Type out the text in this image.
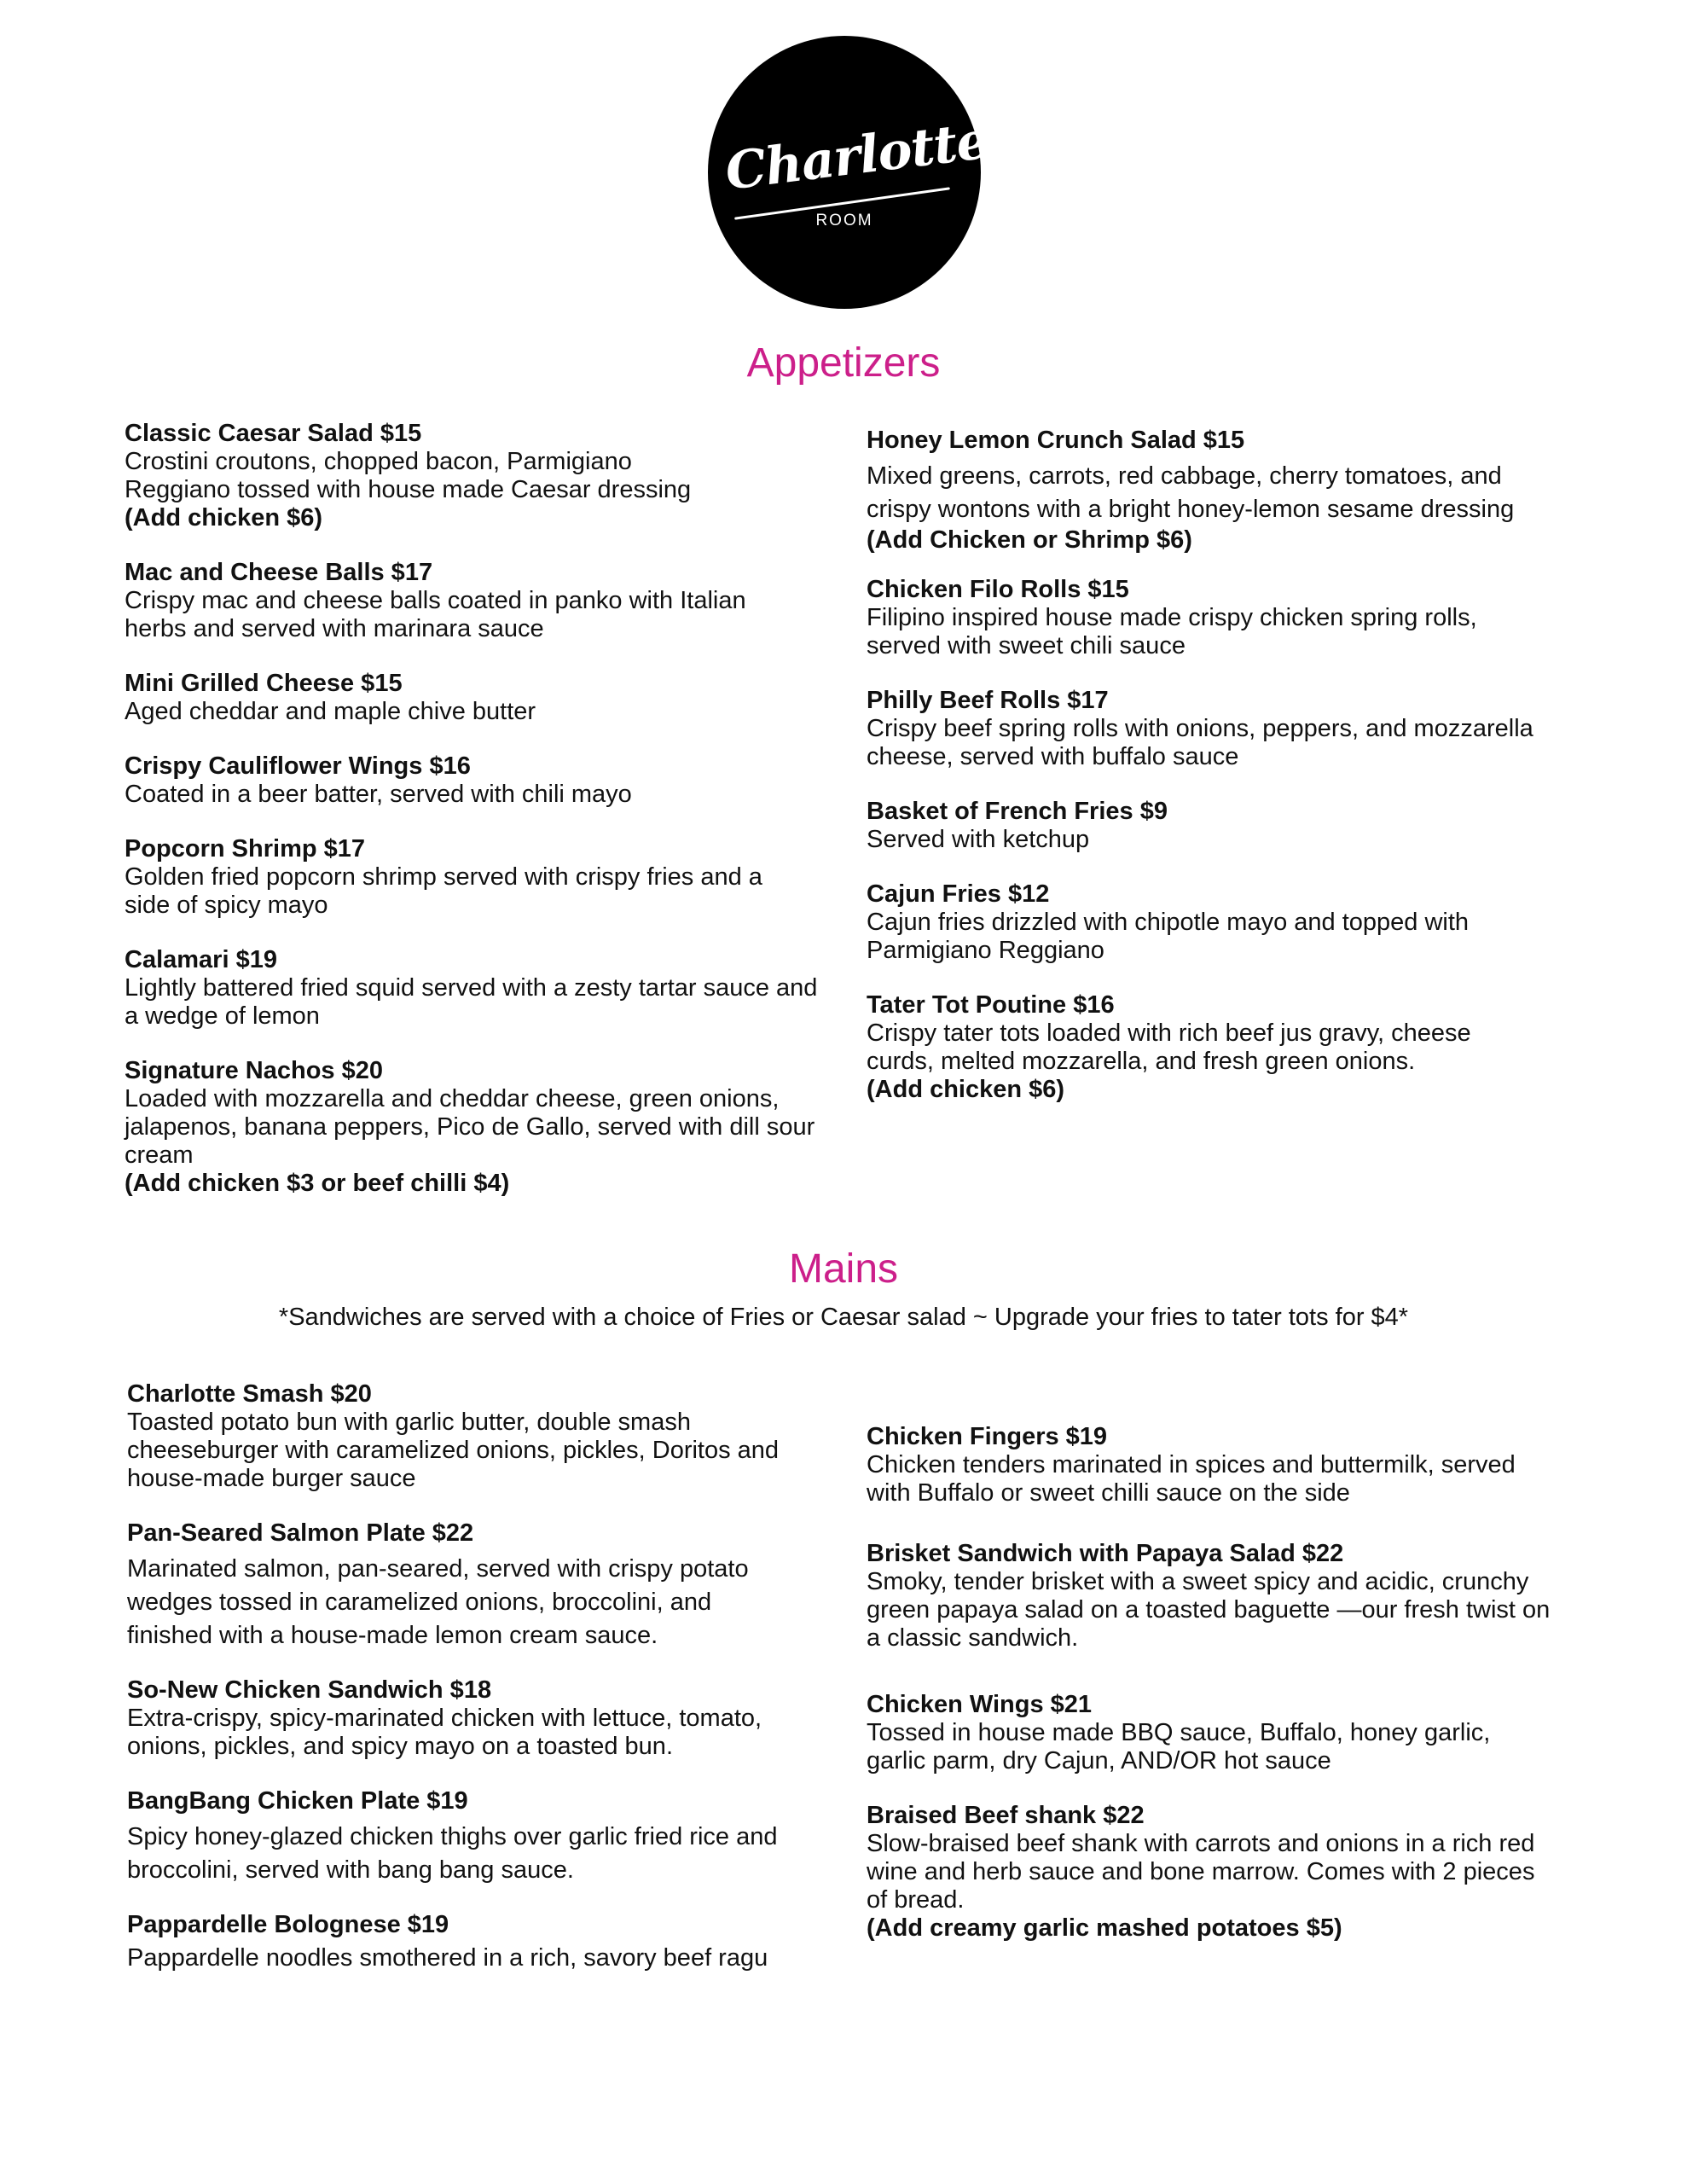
Charlotte's
ROOM
Appetizers
Classic Caesar Salad $15
Crostini croutons, chopped bacon, Parmigiano Reggiano tossed with house made Caesar dressing
(Add chicken $6)
Mac and Cheese Balls $17
Crispy mac and cheese balls coated in panko with Italian herbs and served with marinara sauce
Mini Grilled Cheese $15
Aged cheddar and maple chive butter
Crispy Cauliflower Wings $16
Coated in a beer batter, served with chili mayo
Popcorn Shrimp $17
Golden fried popcorn shrimp served with crispy fries and a side of spicy mayo
Calamari $19
Lightly battered fried squid served with a zesty tartar sauce and a wedge of lemon
Signature Nachos $20
Loaded with mozzarella and cheddar cheese, green onions, jalapenos, banana peppers, Pico de Gallo, served with dill sour cream
(Add chicken $3 or beef chilli $4)
Honey Lemon Crunch Salad $15
Mixed greens, carrots, red cabbage, cherry tomatoes, and crispy wontons with a bright honey-lemon sesame dressing
(Add Chicken or Shrimp $6)
Chicken Filo Rolls $15
Filipino inspired house made crispy chicken spring rolls, served with sweet chili sauce
Philly Beef Rolls $17
Crispy beef spring rolls with onions, peppers, and mozzarella cheese, served with buffalo sauce
Basket of French Fries $9
Served with ketchup
Cajun Fries $12
Cajun fries drizzled with chipotle mayo and topped with Parmigiano Reggiano
Tater Tot Poutine $16
Crispy tater tots loaded with rich beef jus gravy, cheese curds, melted mozzarella, and fresh green onions.
(Add chicken $6)
Mains
*Sandwiches are served with a choice of Fries or Caesar salad ~ Upgrade your fries to tater tots for $4*
Charlotte Smash $20
Toasted potato bun with garlic butter, double smash cheeseburger with caramelized onions, pickles, Doritos and house-made burger sauce
Pan-Seared Salmon Plate $22
Marinated salmon, pan-seared, served with crispy potato wedges tossed in caramelized onions, broccolini, and finished with a house-made lemon cream sauce.
So-New Chicken Sandwich $18
Extra-crispy, spicy-marinated chicken with lettuce, tomato, onions, pickles, and spicy mayo on a toasted bun.
BangBang Chicken Plate $19
Spicy honey-glazed chicken thighs over garlic fried rice and broccolini, served with bang bang sauce.
Pappardelle Bolognese $19
Pappardelle noodles smothered in a rich, savory beef ragu
Chicken Fingers $19
Chicken tenders marinated in spices and buttermilk, served with Buffalo or sweet chilli sauce on the side
Brisket Sandwich with Papaya Salad $22
Smoky, tender brisket with a sweet spicy and acidic, crunchy green papaya salad on a toasted baguette —our fresh twist on a classic sandwich.
Chicken Wings $21
Tossed in house made BBQ sauce, Buffalo, honey garlic, garlic parm, dry Cajun, AND/OR hot sauce
Braised Beef shank $22
Slow-braised beef shank with carrots and onions in a rich red wine and herb sauce and bone marrow. Comes with 2 pieces of bread.
(Add creamy garlic mashed potatoes $5)
